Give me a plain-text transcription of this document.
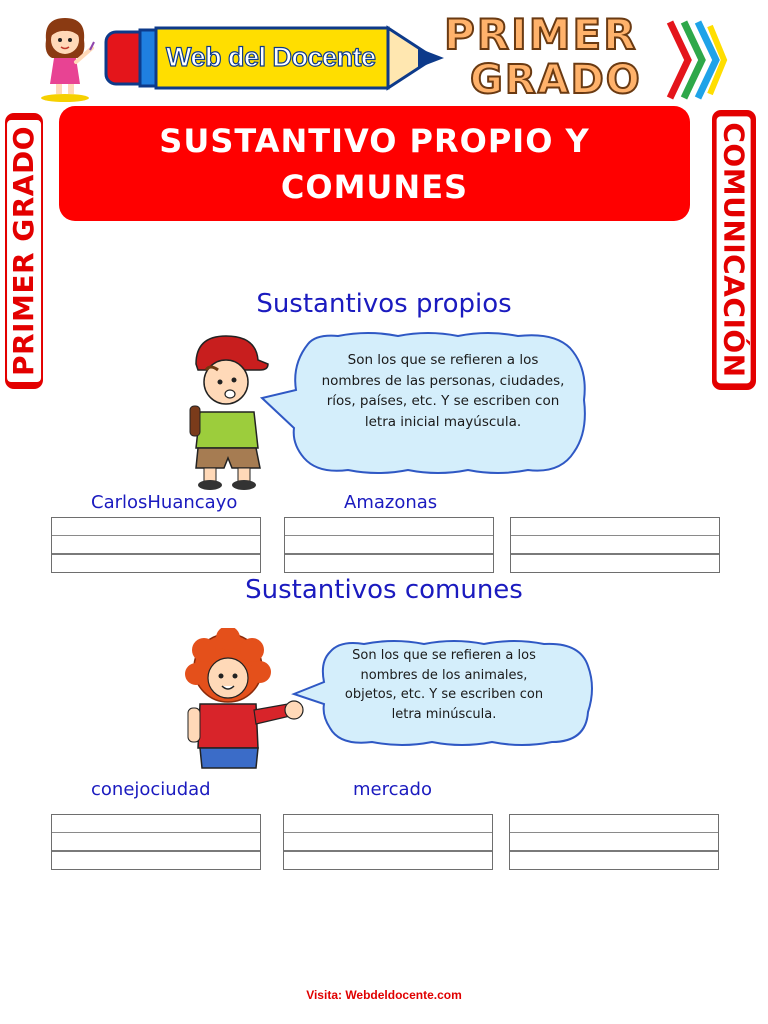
Web del Docente PRIMER
GRADO
SUSTANTIVO PROPIO Y COMUNES
PRIMER GRADO	COMUNICACIÓN
Sustantivos propios
Son los que se refieren a los nombres de las personas, ciudades, ríos, países, etc. Y se escriben con letra inicial mayúscula.
CarlosHuancayo	Amazonas
Sustantivos comunes
Son los que se refieren a los nombres de los animales, objetos, etc. Y se escriben con letra minúscula.
conejociudad	mercado
Visita: Webdeldocente.com
